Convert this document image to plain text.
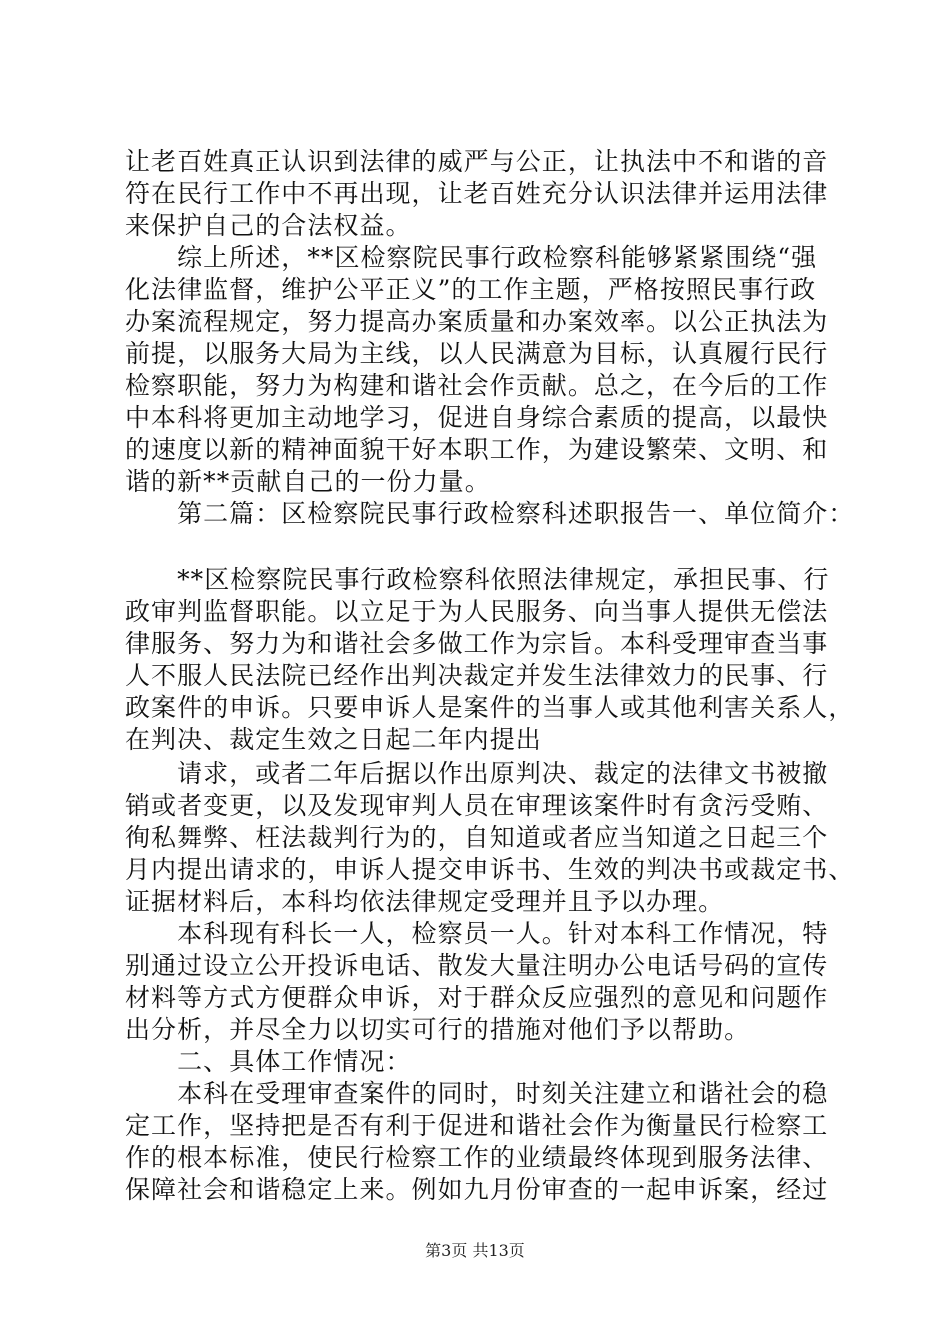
让老百姓真正认识到法律的威严与公正，让执法中不和谐的音
符在民行工作中不再出现，让老百姓充分认识法律并运用法律
来保护自己的合法权益。
　　综上所述，**区检察院民事行政检察科能够紧紧围绕“强
化法律监督，维护公平正义”的工作主题，严格按照民事行政
办案流程规定，努力提高办案质量和办案效率。以公正执法为
前提，以服务大局为主线，以人民满意为目标，认真履行民行
检察职能，努力为构建和谐社会作贡献。总之，在今后的工作
中本科将更加主动地学习，促进自身综合素质的提高，以最快
的速度以新的精神面貌干好本职工作，为建设繁荣、文明、和
谐的新**贡献自己的一份力量。
　　第二篇：区检察院民事行政检察科述职报告一、单位简介：
　　**区检察院民事行政检察科依照法律规定，承担民事、行
政审判监督职能。以立足于为人民服务、向当事人提供无偿法
律服务、努力为和谐社会多做工作为宗旨。本科受理审查当事
人不服人民法院已经作出判决裁定并发生法律效力的民事、行
政案件的申诉。只要申诉人是案件的当事人或其他利害关系人，
在判决、裁定生效之日起二年内提出
　　请求，或者二年后据以作出原判决、裁定的法律文书被撤
销或者变更，以及发现审判人员在审理该案件时有贪污受贿、
徇私舞弊、枉法裁判行为的，自知道或者应当知道之日起三个
月内提出请求的，申诉人提交申诉书、生效的判决书或裁定书、
证据材料后，本科均依法律规定受理并且予以办理。
　　本科现有科长一人，检察员一人。针对本科工作情况，特
别通过设立公开投诉电话、散发大量注明办公电话号码的宣传
材料等方式方便群众申诉，对于群众反应强烈的意见和问题作
出分析，并尽全力以切实可行的措施对他们予以帮助。
　　二、具体工作情况：
　　本科在受理审查案件的同时，时刻关注建立和谐社会的稳
定工作，坚持把是否有利于促进和谐社会作为衡量民行检察工
作的根本标准，使民行检察工作的业绩最终体现到服务法律、
保障社会和谐稳定上来。例如九月份审查的一起申诉案，经过
第3页 共13页
